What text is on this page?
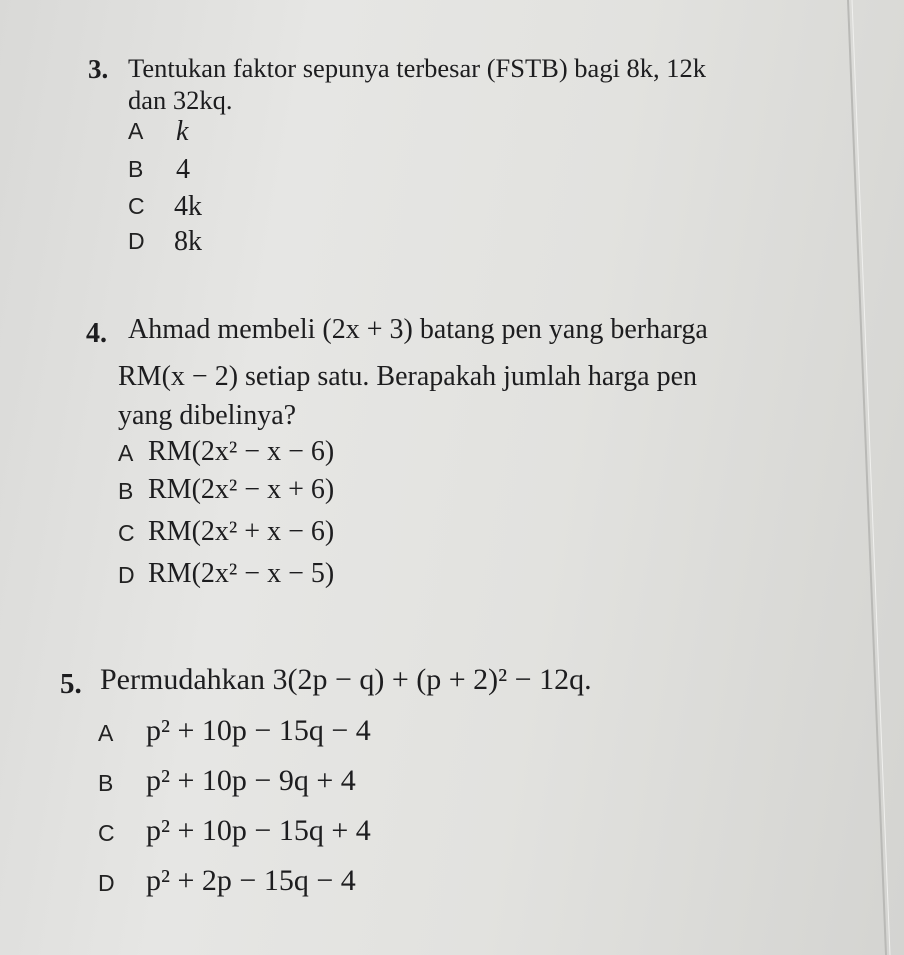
3. Tentukan faktor sepunya terbesar (FSTB) bagi 8k, 12k
dan 32kq.
A k
B 4
C 4k
D 8k
4. Ahmad membeli (2x + 3) batang pen yang berharga
RM(x − 2) setiap satu. Berapakah jumlah harga pen
yang dibelinya?
A RM(2x² − x − 6)
B RM(2x² − x + 6)
C RM(2x² + x − 6)
D RM(2x² − x − 5)
5. Permudahkan 3(2p − q) + (p + 2)² − 12q.
A p² + 10p − 15q − 4
B p² + 10p − 9q + 4
C p² + 10p − 15q + 4
D p² + 2p − 15q − 4
